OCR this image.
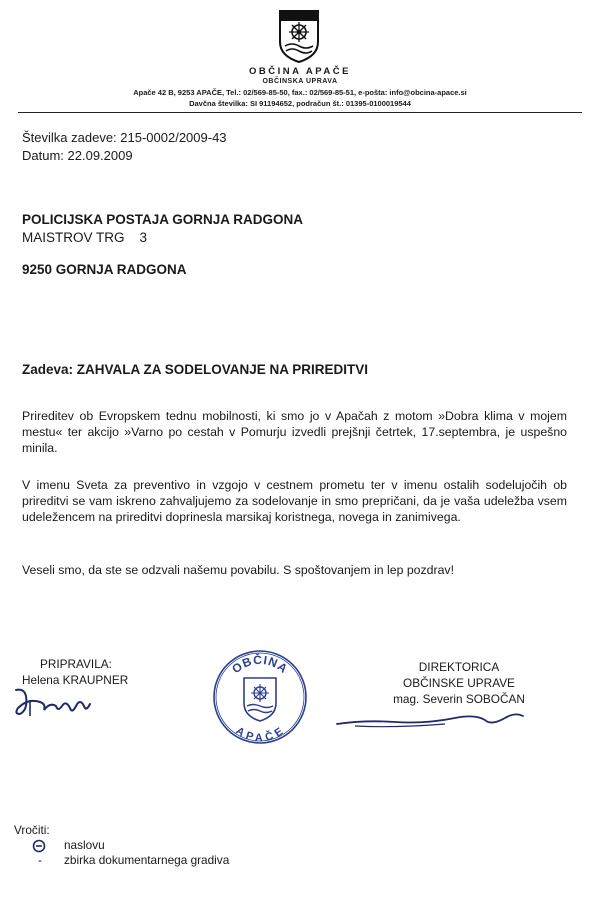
OBČINA APAČE
OBČINSKA UPRAVA
Apače 42 B, 9253 APAČE, Tel.: 02/569-85-50, fax.: 02/569-85-51, e-pošta: info@obcina-apace.si
Davčna številka: SI 91194652, podračun št.: 01395-0100019544
Številka zadeve: 215-0002/2009-43
Datum: 22.09.2009
POLICIJSKA POSTAJA GORNJA RADGONA
MAISTROV TRG    3
9250 GORNJA RADGONA
Zadeva: ZAHVALA ZA SODELOVANJE NA PRIREDITVI
Prireditev ob Evropskem tednu mobilnosti, ki smo jo v Apačah z motom »Dobra klima v mojem mestu« ter akcijo »Varno po cestah v Pomurju izvedli prejšnji četrtek, 17.septembra, je uspešno minila.
V imenu Sveta za preventivo in vzgojo v cestnem prometu ter v imenu ostalih sodelujočih ob prireditvi se vam iskreno zahvaljujemo za sodelovanje in smo prepričani, da je vaša udeležba vsem udeležencem na prireditvi doprinesla marsikaj koristnega, novega in zanimivega.
Veseli smo, da ste se odzvali našemu povabilu. S spoštovanjem in lep pozdrav!
PRIPRAVILA:
Helena KRAUPNER
OBČINA
APAČE
DIREKTORICA
OBČINSKE UPRAVE
mag. Severin SOBOČAN
Vročiti:
naslovu
- zbirka dokumentarnega gradiva
